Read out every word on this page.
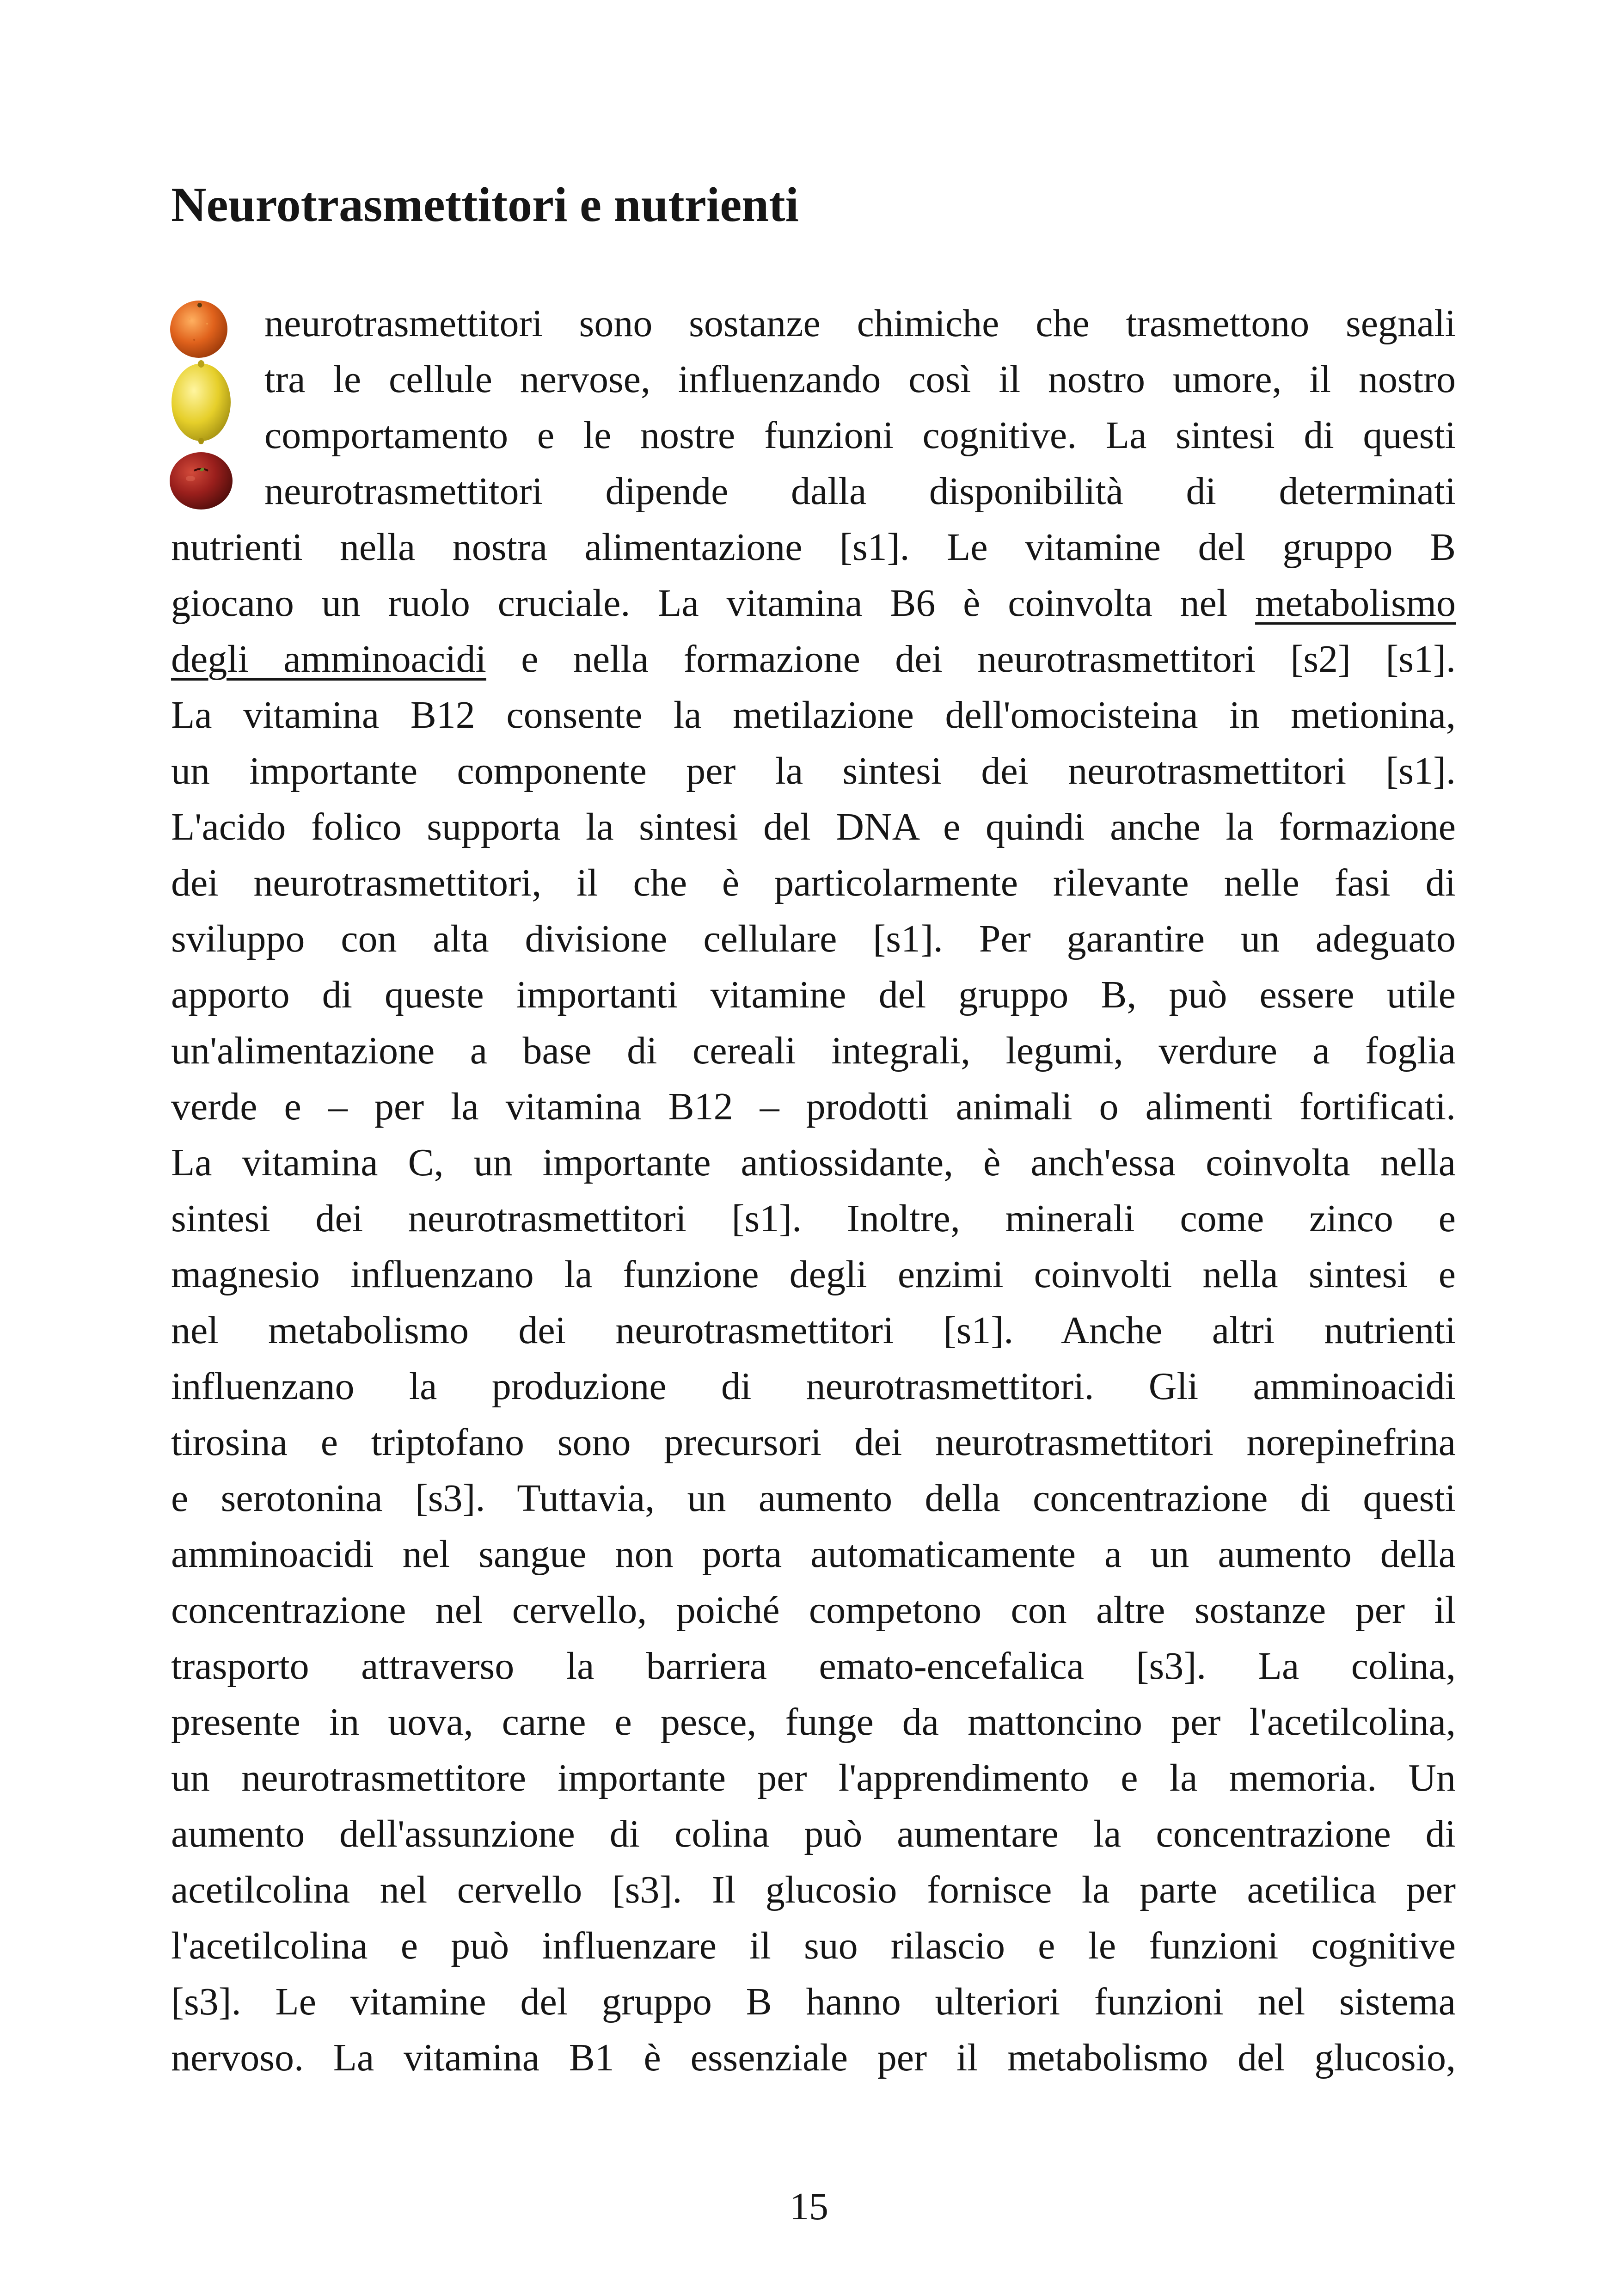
Neurotrasmettitori e nutrienti
neurotrasmettitori sono sostanze chimiche che trasmettono segnali
tra le cellule nervose, influenzando così il nostro umore, il nostro
comportamento e le nostre funzioni cognitive. La sintesi di questi
neurotrasmettitori dipende dalla disponibilità di determinati
nutrienti nella nostra alimentazione [s1]. Le vitamine del gruppo B
giocano un ruolo cruciale. La vitamina B6 è coinvolta nel metabolismo
degli amminoacidi e nella formazione dei neurotrasmettitori [s2] [s1].
La vitamina B12 consente la metilazione dell'omocisteina in metionina,
un importante componente per la sintesi dei neurotrasmettitori [s1].
L'acido folico supporta la sintesi del DNA e quindi anche la formazione
dei neurotrasmettitori, il che è particolarmente rilevante nelle fasi di
sviluppo con alta divisione cellulare [s1]. Per garantire un adeguato
apporto di queste importanti vitamine del gruppo B, può essere utile
un'alimentazione a base di cereali integrali, legumi, verdure a foglia
verde e – per la vitamina B12 – prodotti animali o alimenti fortificati.
La vitamina C, un importante antiossidante, è anch'essa coinvolta nella
sintesi dei neurotrasmettitori [s1]. Inoltre, minerali come zinco e
magnesio influenzano la funzione degli enzimi coinvolti nella sintesi e
nel metabolismo dei neurotrasmettitori [s1]. Anche altri nutrienti
influenzano la produzione di neurotrasmettitori. Gli amminoacidi
tirosina e triptofano sono precursori dei neurotrasmettitori norepinefrina
e serotonina [s3]. Tuttavia, un aumento della concentrazione di questi
amminoacidi nel sangue non porta automaticamente a un aumento della
concentrazione nel cervello, poiché competono con altre sostanze per il
trasporto attraverso la barriera emato-encefalica [s3]. La colina,
presente in uova, carne e pesce, funge da mattoncino per l'acetilcolina,
un neurotrasmettitore importante per l'apprendimento e la memoria. Un
aumento dell'assunzione di colina può aumentare la concentrazione di
acetilcolina nel cervello [s3]. Il glucosio fornisce la parte acetilica per
l'acetilcolina e può influenzare il suo rilascio e le funzioni cognitive
[s3]. Le vitamine del gruppo B hanno ulteriori funzioni nel sistema
nervoso. La vitamina B1 è essenziale per il metabolismo del glucosio,
15
